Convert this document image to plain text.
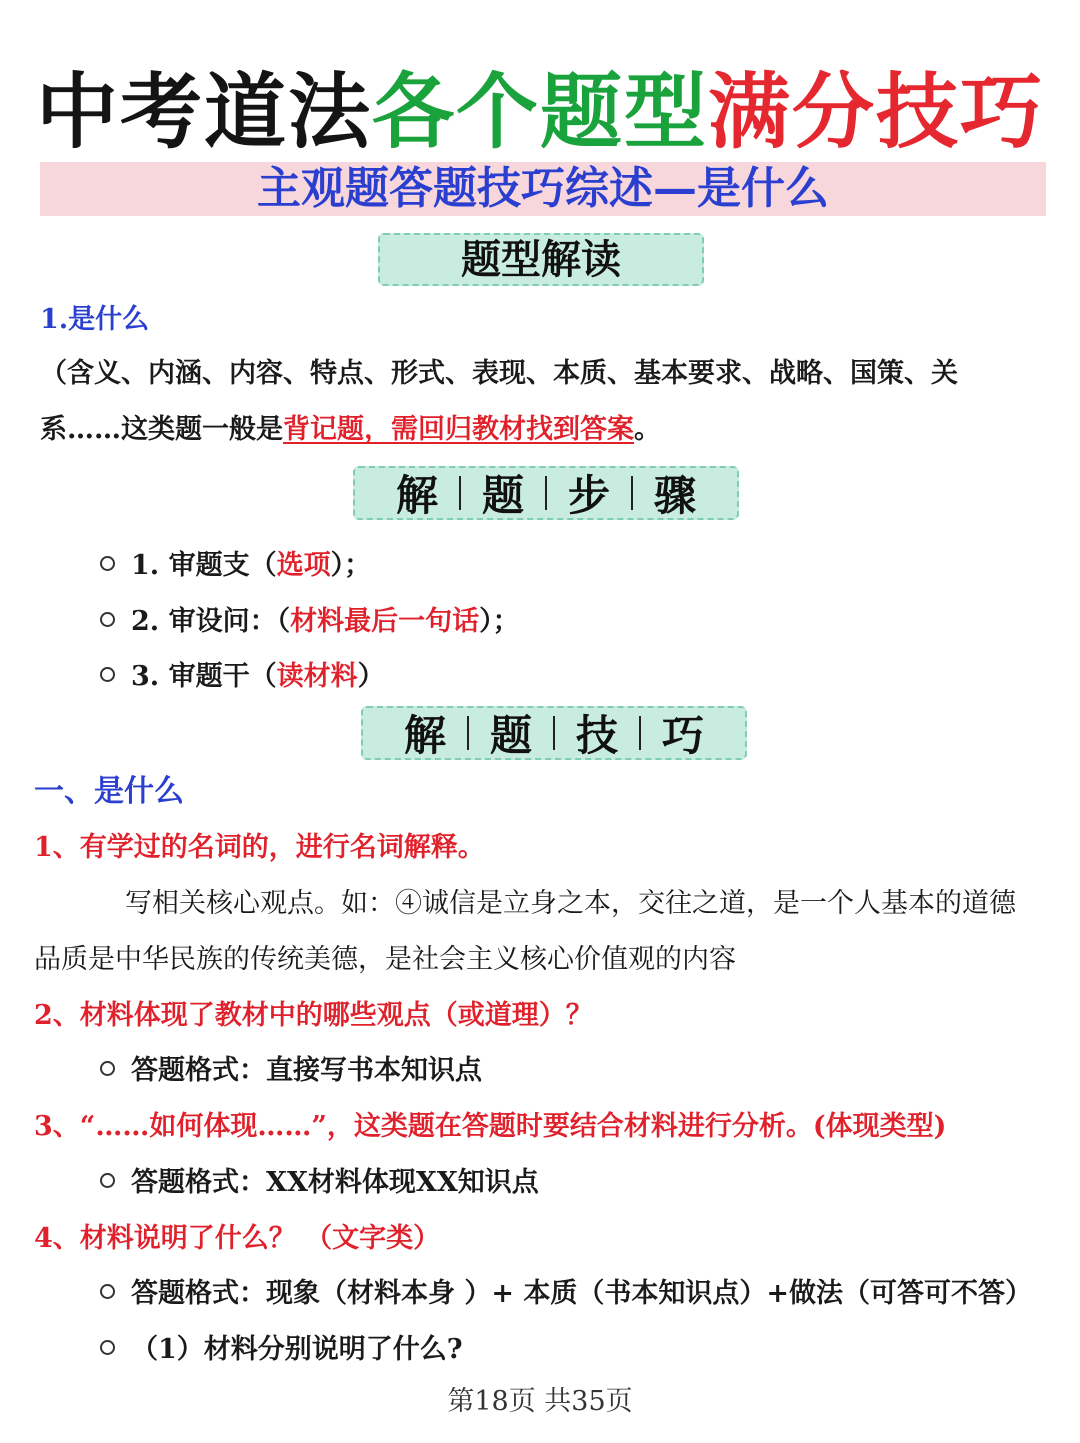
中考道法各个题型满分技巧
主观题答题技巧综述—是什么
题型解读
1.是什么
（含义、内涵、内容、特点、形式、表现、本质、基本要求、战略、国策、关
系……这类题一般是背记题，需回归教材找到答案。
解	题	步	骤
1. 审题支（选项）；
2. 审设问：（材料最后一句话）；
3. 审题干（读材料）
解	题	技	巧
一、是什么
1、有学过的名词的，进行名词解释。
写相关核心观点。如：④诚信是立身之本，交往之道，是一个人基本的道德
品质是中华民族的传统美德，是社会主义核心价值观的内容
2、材料体现了教材中的哪些观点（或道理）？
答题格式：直接写书本知识点
3、“……如何体现……”，这类题在答题时要结合材料进行分析。(体现类型)
答题格式：XX材料体现XX知识点
4、材料说明了什么？ （文字类）
答题格式：现象（材料本身 ）+ 本质（书本知识点）+做法（可答可不答）
（1）材料分别说明了什么?
第18页 共35页
